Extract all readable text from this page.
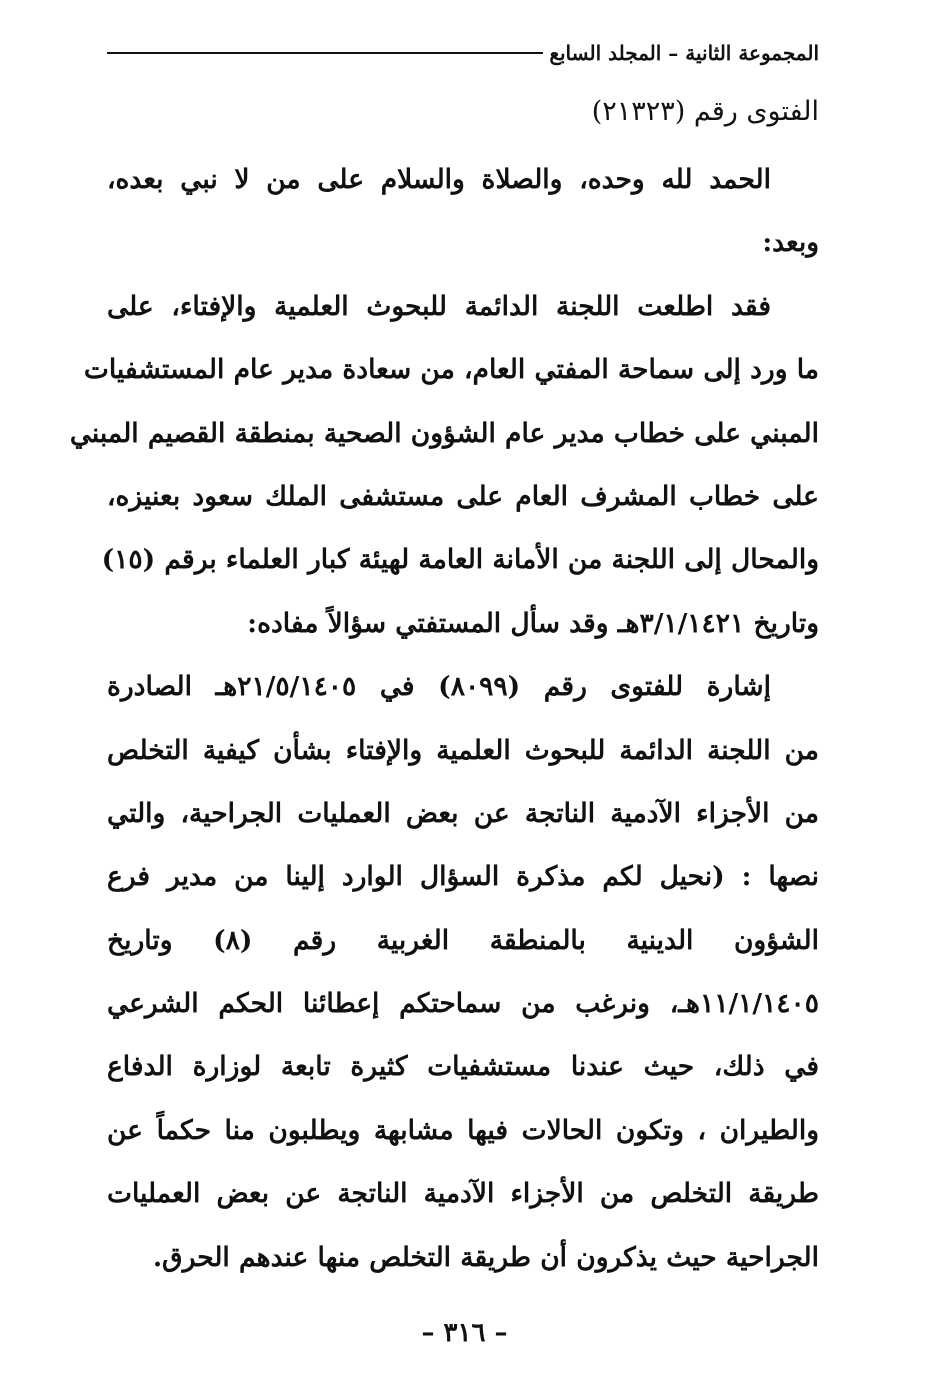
المجموعة الثانية – المجلد السابع
الفتوى رقم (٢١٣٢٣)
الحمد لله وحده، والصلاة والسلام على من لا نبي بعده،
وبعد:
فقد اطلعت اللجنة الدائمة للبحوث العلمية والإفتاء، على
ما ورد إلى سماحة المفتي العام، من سعادة مدير عام المستشفيات
المبني على خطاب مدير عام الشؤون الصحية بمنطقة القصيم المبني
على خطاب المشرف العام على مستشفى الملك سعود بعنيزه،
والمحال إلى اللجنة من الأمانة العامة لهيئة كبار العلماء برقم (١٥)
وتاريخ ٣/١/١٤٢١هـ وقد سأل المستفتي سؤالاً مفاده:
إشارة للفتوى رقم (٨٠٩٩) في ٢١/٥/١٤٠٥هـ الصادرة
من اللجنة الدائمة للبحوث العلمية والإفتاء بشأن كيفية التخلص
من الأجزاء الآدمية الناتجة عن بعض العمليات الجراحية، والتي
نصها : (نحيل لكم مذكرة السؤال الوارد إلينا من مدير فرع
الشؤون الدينية بالمنطقة الغربية رقم (٨) وتاريخ
١١/١/١٤٠٥هـ، ونرغب من سماحتكم إعطائنا الحكم الشرعي
في ذلك، حيث عندنا مستشفيات كثيرة تابعة لوزارة الدفاع
والطيران ، وتكون الحالات فيها مشابهة ويطلبون منا حكماً عن
طريقة التخلص من الأجزاء الآدمية الناتجة عن بعض العمليات
الجراحية حيث يذكرون أن طريقة التخلص منها عندهم الحرق.
– ٣١٦ –
